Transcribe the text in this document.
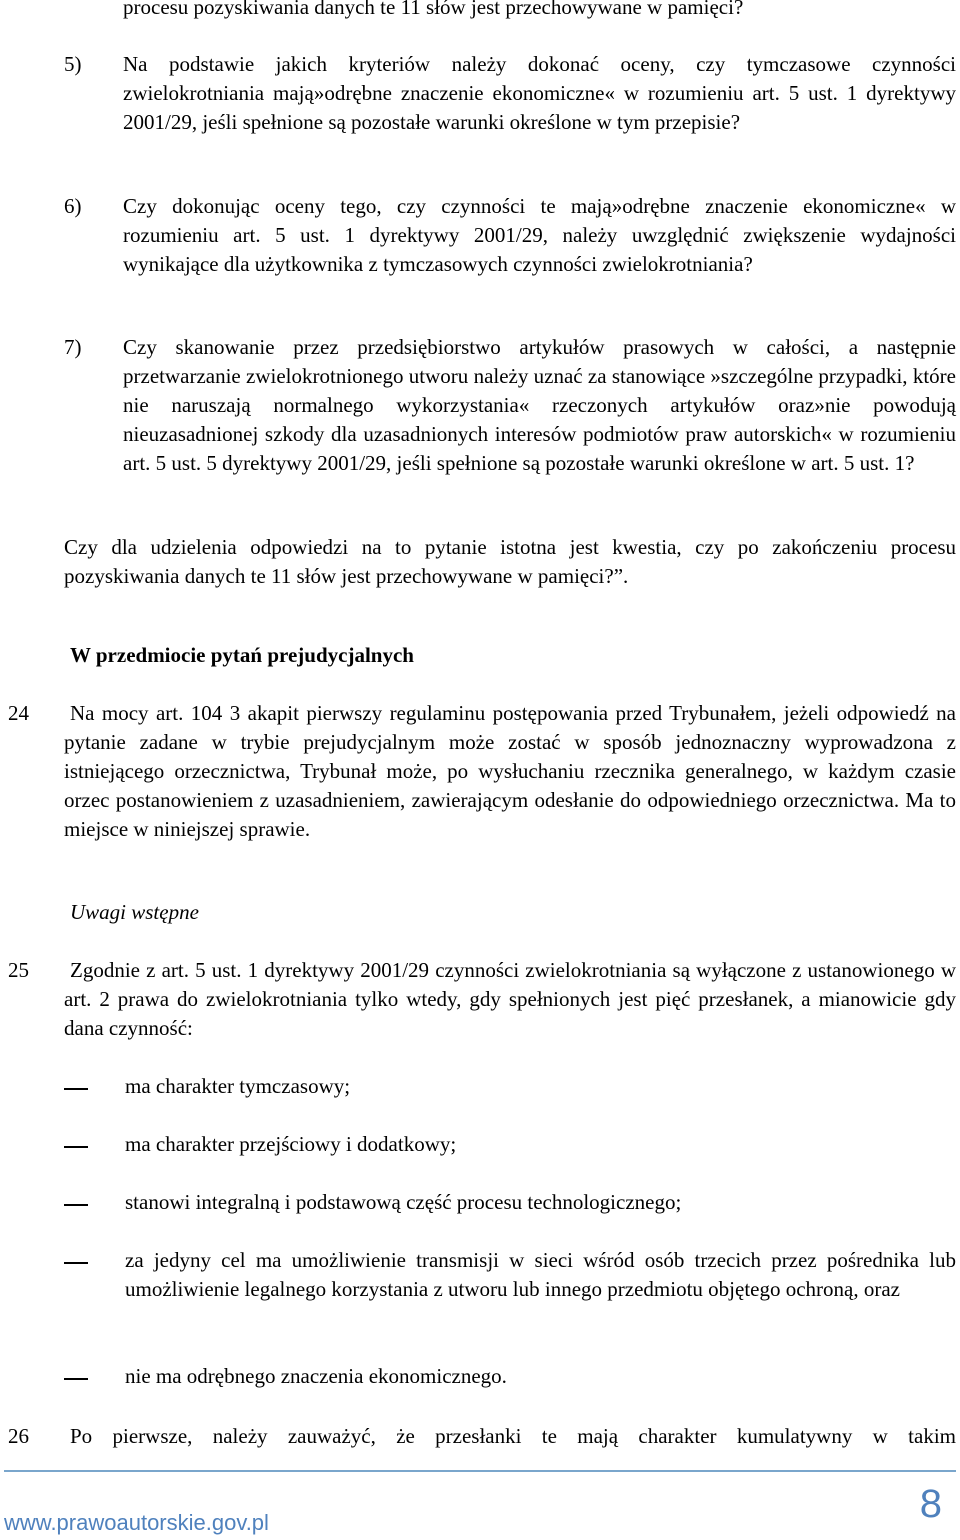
procesu pozyskiwania danych te 11 słów jest przechowywane w pamięci?
5) Na podstawie jakich kryteriów należy dokonać oceny, czy tymczasowe czynności zwielokrotniania mają»odrębne znaczenie ekonomiczne« w rozumieniu art. 5 ust. 1 dyrektywy 2001/29, jeśli spełnione są pozostałe warunki określone w tym przepisie?
6) Czy dokonując oceny tego, czy czynności te mają»odrębne znaczenie ekonomiczne« w rozumieniu art. 5 ust. 1 dyrektywy 2001/29, należy uwzględnić zwiększenie wydajności wynikające dla użytkownika z tymczasowych czynności zwielokrotniania?
7) Czy skanowanie przez przedsiębiorstwo artykułów prasowych w całości, a następnie przetwarzanie zwielokrotnionego utworu należy uznać za stanowiące »szczególne przypadki, które nie naruszają normalnego wykorzystania« rzeczonych artykułów oraz»nie powodują nieuzasadnionej szkody dla uzasadnionych interesów podmiotów praw autorskich« w rozumieniu art. 5 ust. 5 dyrektywy 2001/29, jeśli spełnione są pozostałe warunki określone w art. 5 ust. 1?
Czy dla udzielenia odpowiedzi na to pytanie istotna jest kwestia, czy po zakończeniu procesu pozyskiwania danych te 11 słów jest przechowywane w pamięci?”.
W przedmiocie pytań prejudycjalnych
24 Na mocy art. 104 3 akapit pierwszy regulaminu postępowania przed Trybunałem, jeżeli odpowiedź na pytanie zadane w trybie prejudycjalnym może zostać w sposób jednoznaczny wyprowadzona z istniejącego orzecznictwa, Trybunał może, po wysłuchaniu rzecznika generalnego, w każdym czasie orzec postanowieniem z uzasadnieniem, zawierającym odesłanie do odpowiedniego orzecznictwa. Ma to miejsce w niniejszej sprawie.
Uwagi wstępne
25 Zgodnie z art. 5 ust. 1 dyrektywy 2001/29 czynności zwielokrotniania są wyłączone z ustanowionego w art. 2 prawa do zwielokrotniania tylko wtedy, gdy spełnionych jest pięć przesłanek, a mianowicie gdy dana czynność:
ma charakter tymczasowy;
ma charakter przejściowy i dodatkowy;
stanowi integralną i podstawową część procesu technologicznego;
za jedyny cel ma umożliwienie transmisji w sieci wśród osób trzecich przez pośrednika lub umożliwienie legalnego korzystania z utworu lub innego przedmiotu objętego ochroną, oraz
nie ma odrębnego znaczenia ekonomicznego.
26 Po pierwsze, należy zauważyć, że przesłanki te mają charakter kumulatywny w takim
www.prawoautorskie.gov.pl	8
